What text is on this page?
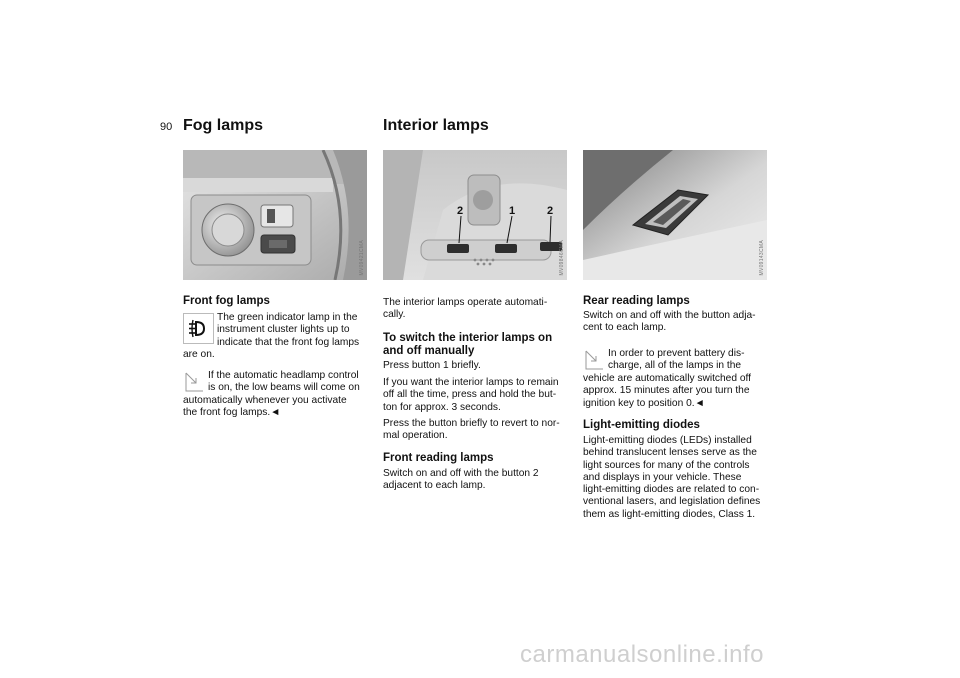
90 Fog lamps	Interior lamps
MV09421CMA
2	1	2
MV09846CMA	MV09143CMA
Front fog lamps
The green indicator lamp in the
instrument cluster lights up to
indicate that the front fog lamps
are on.
If the automatic headlamp control
is on, the low beams will come on
automatically whenever you activate
the front fog lamps.◄
The interior lamps operate automati-
cally.
To switch the interior lamps on
and off manually
Press button 1 briefly.
If you want the interior lamps to remain
off all the time, press and hold the but-
ton for approx. 3 seconds.
Press the button briefly to revert to nor-
mal operation.
Front reading lamps
Switch on and off with the button 2
adjacent to each lamp.
Rear reading lamps
Switch on and off with the button adja-
cent to each lamp.
In order to prevent battery dis-
charge, all of the lamps in the
vehicle are automatically switched off
approx. 15 minutes after you turn the
ignition key to position 0.◄
Light-emitting diodes
Light-emitting diodes (LEDs) installed
behind translucent lenses serve as the
light sources for many of the controls
and displays in your vehicle. These
light-emitting diodes are related to con-
ventional lasers, and legislation defines
them as light-emitting diodes, Class 1.
carmanualsonline.info
